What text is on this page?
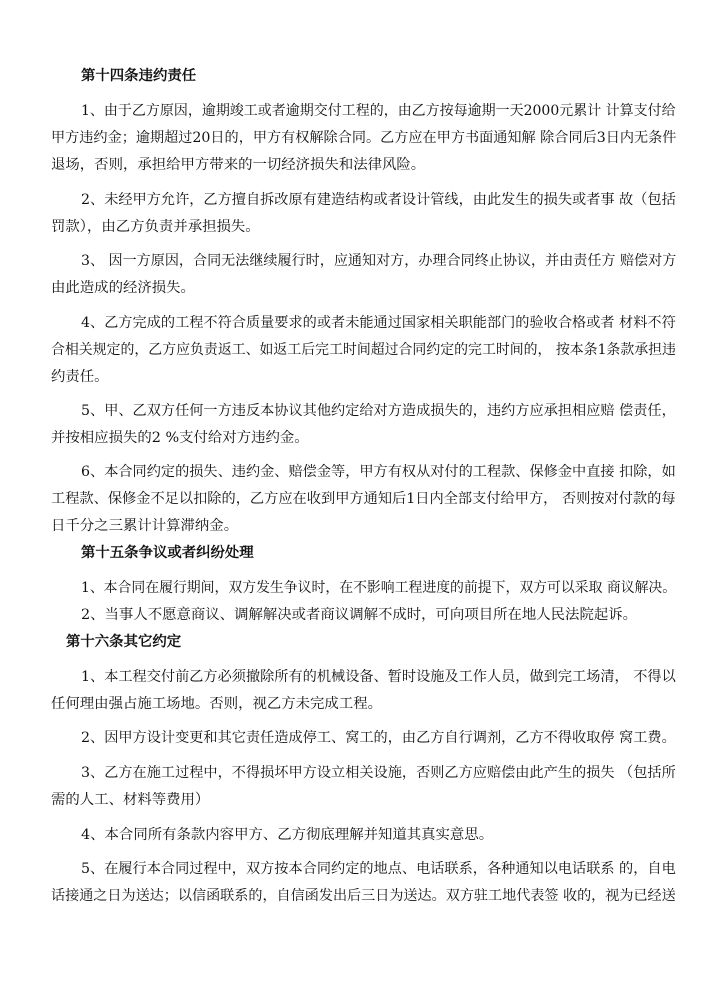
第十四条违约责任
1、由于乙方原因，逾期竣工或者逾期交付工程的，由乙方按每逾期一天2000元累计 计算支付给
甲方违约金；逾期超过20日的，甲方有权解除合同。乙方应在甲方书面通知解 除合同后3日内无条件
退场，否则，承担给甲方带来的一切经济损失和法律风险。
2、未经甲方允许，乙方擅自拆改原有建造结构或者设计管线，由此发生的损失或者事 故（包括
罚款），由乙方负责并承担损失。
3、 因一方原因，合同无法继续履行时，应通知对方，办理合同终止协议，并由责任方 赔偿对方
由此造成的经济损失。
4、乙方完成的工程不符合质量要求的或者未能通过国家相关职能部门的验收合格或者 材料不符
合相关规定的，乙方应负责返工、如返工后完工时间超过合同约定的完工时间的， 按本条1条款承担违
约责任。
5、甲、乙双方任何一方违反本协议其他约定给对方造成损失的，违约方应承担相应赔 偿责任，
并按相应损失的2 %支付给对方违约金。
6、本合同约定的损失、违约金、赔偿金等，甲方有权从对付的工程款、保修金中直接 扣除，如
工程款、保修金不足以扣除的，乙方应在收到甲方通知后1日内全部支付给甲方， 否则按对付款的每
日千分之三累计计算滞纳金。
第十五条争议或者纠纷处理
1、本合同在履行期间，双方发生争议时，在不影响工程进度的前提下，双方可以采取 商议解决。
2、当事人不愿意商议、调解解决或者商议调解不成时，可向项目所在地人民法院起诉。
第十六条其它约定
1、本工程交付前乙方必须撤除所有的机械设备、暂时设施及工作人员，做到完工场清， 不得以
任何理由强占施工场地。否则，视乙方未完成工程。
2、因甲方设计变更和其它责任造成停工、窝工的，由乙方自行调剂，乙方不得收取停 窝工费。
3、乙方在施工过程中，不得损坏甲方设立相关设施，否则乙方应赔偿由此产生的损失 （包括所
需的人工、材料等费用）
4、本合同所有条款内容甲方、乙方彻底理解并知道其真实意思。
5、在履行本合同过程中，双方按本合同约定的地点、电话联系，各种通知以电话联系 的，自电
话接通之日为送达；以信函联系的，自信函发出后三日为送达。双方驻工地代表签 收的，视为已经送
